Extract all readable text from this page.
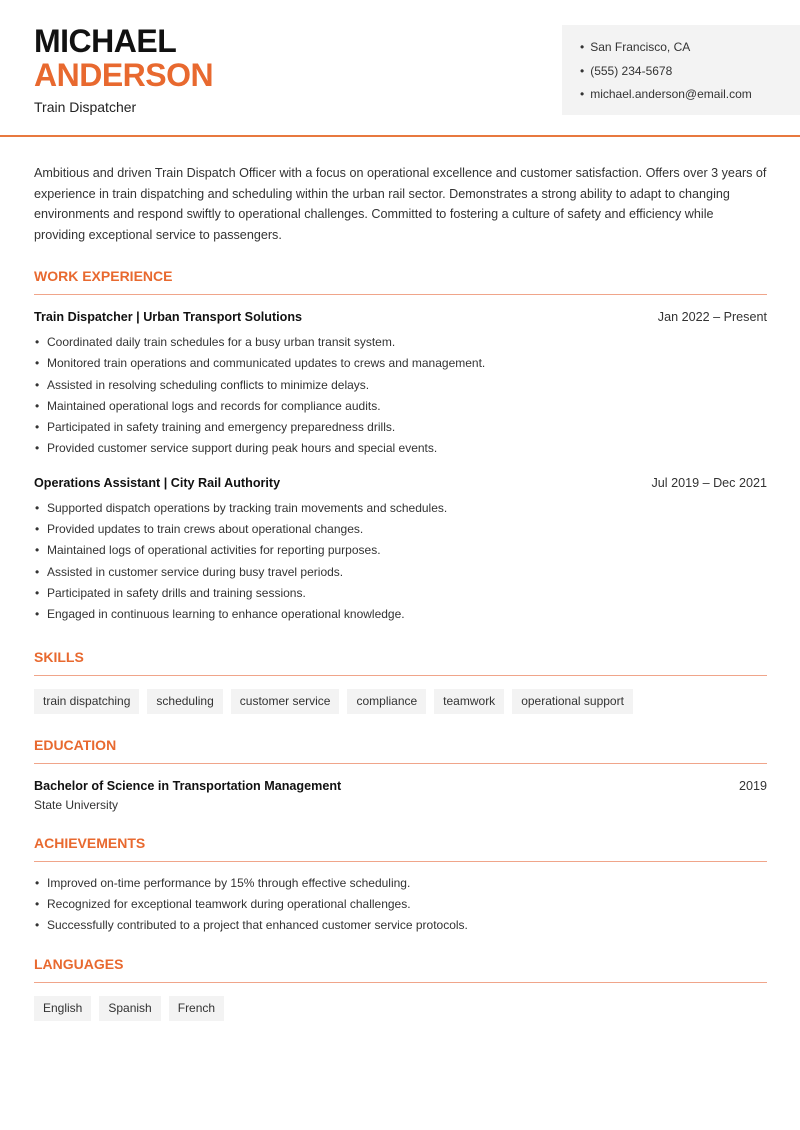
MICHAEL
ANDERSON
Train Dispatcher
• San Francisco, CA
• (555) 234-5678
• michael.anderson@email.com

Ambitious and driven Train Dispatch Officer with a focus on operational excellence and customer satisfaction. Offers over 3 years of experience in train dispatching and scheduling within the urban rail sector. Demonstrates a strong ability to adapt to changing environments and respond swiftly to operational challenges. Committed to fostering a culture of safety and efficiency while providing exceptional service to passengers.

WORK EXPERIENCE
Train Dispatcher | Urban Transport Solutions	Jan 2022 – Present
• Coordinated daily train schedules for a busy urban transit system.
• Monitored train operations and communicated updates to crews and management.
• Assisted in resolving scheduling conflicts to minimize delays.
• Maintained operational logs and records for compliance audits.
• Participated in safety training and emergency preparedness drills.
• Provided customer service support during peak hours and special events.
Operations Assistant | City Rail Authority	Jul 2019 – Dec 2021
• Supported dispatch operations by tracking train movements and schedules.
• Provided updates to train crews about operational changes.
• Maintained logs of operational activities for reporting purposes.
• Assisted in customer service during busy travel periods.
• Participated in safety drills and training sessions.
• Engaged in continuous learning to enhance operational knowledge.
SKILLS
train dispatching	scheduling	customer service	compliance	teamwork	operational support
EDUCATION
Bachelor of Science in Transportation Management	2019
State University
ACHIEVEMENTS
• Improved on-time performance by 15% through effective scheduling.
• Recognized for exceptional teamwork during operational challenges.
• Successfully contributed to a project that enhanced customer service protocols.
LANGUAGES
English	Spanish	French
